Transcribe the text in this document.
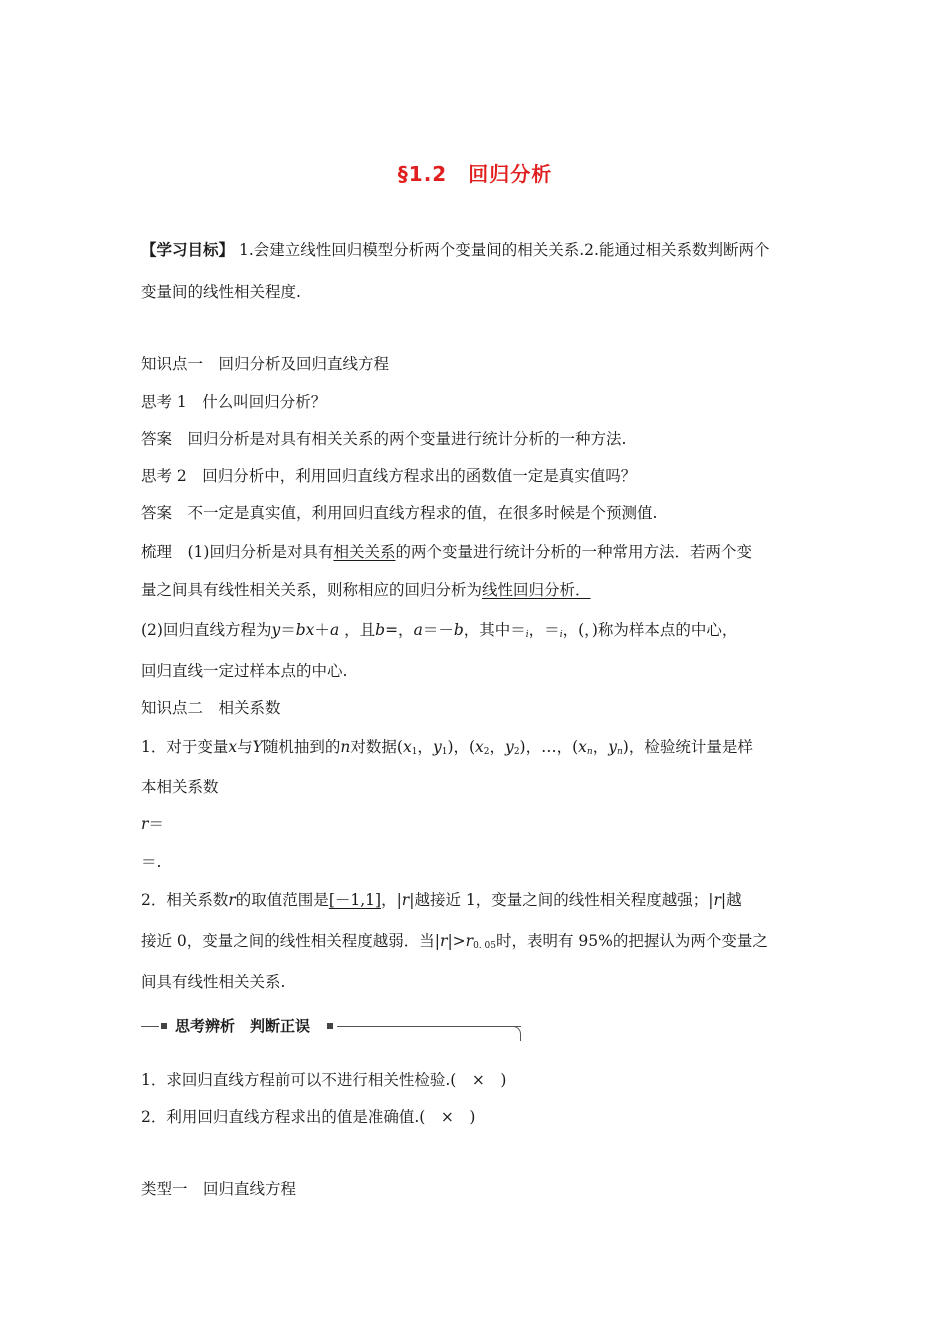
§1.2　回归分析
【学习目标】 1.会建立线性回归模型分析两个变量间的相关关系.2.能通过相关系数判断两个
变量间的线性相关程度.
知识点一　回归分析及回归直线方程
思考 1　什么叫回归分析？
答案　回归分析是对具有相关关系的两个变量进行统计分析的一种方法.
思考 2　回归分析中，利用回归直线方程求出的函数值一定是真实值吗？
答案　不一定是真实值，利用回归直线方程求的值，在很多时候是个预测值.
梳理　(1)回归分析是对具有相关关系的两个变量进行统计分析的一种常用方法．若两个变
量之间具有线性相关关系，则称相应的回归分析为线性回归分析．
(2)回归直线方程为y＝bx＋a ，且b=，a＝－b，其中$=_i$，$=_i$，(，)称为样本点的中心，
回归直线一定过样本点的中心.
知识点二　相关系数
1．对于变量x与Y随机抽到的n对数据($x_1$，$y_1$)，($x_2$，$y_2$)，…，($x_n$，$y_n$)，检验统计量是样
本相关系数
r＝
＝.
2．相关系数r的取值范围是[－1,1]，|r|越接近 1，变量之间的线性相关程度越强；|r|越
接近 0，变量之间的线性相关程度越弱．当$|r|>r_{0. 05}$时，表明有 95%的把握认为两个变量之
间具有线性相关关系.
思考辨析　判断正误
1．求回归直线方程前可以不进行相关性检验.(　×　)
2．利用回归直线方程求出的值是准确值.(　×　)
类型一　回归直线方程
